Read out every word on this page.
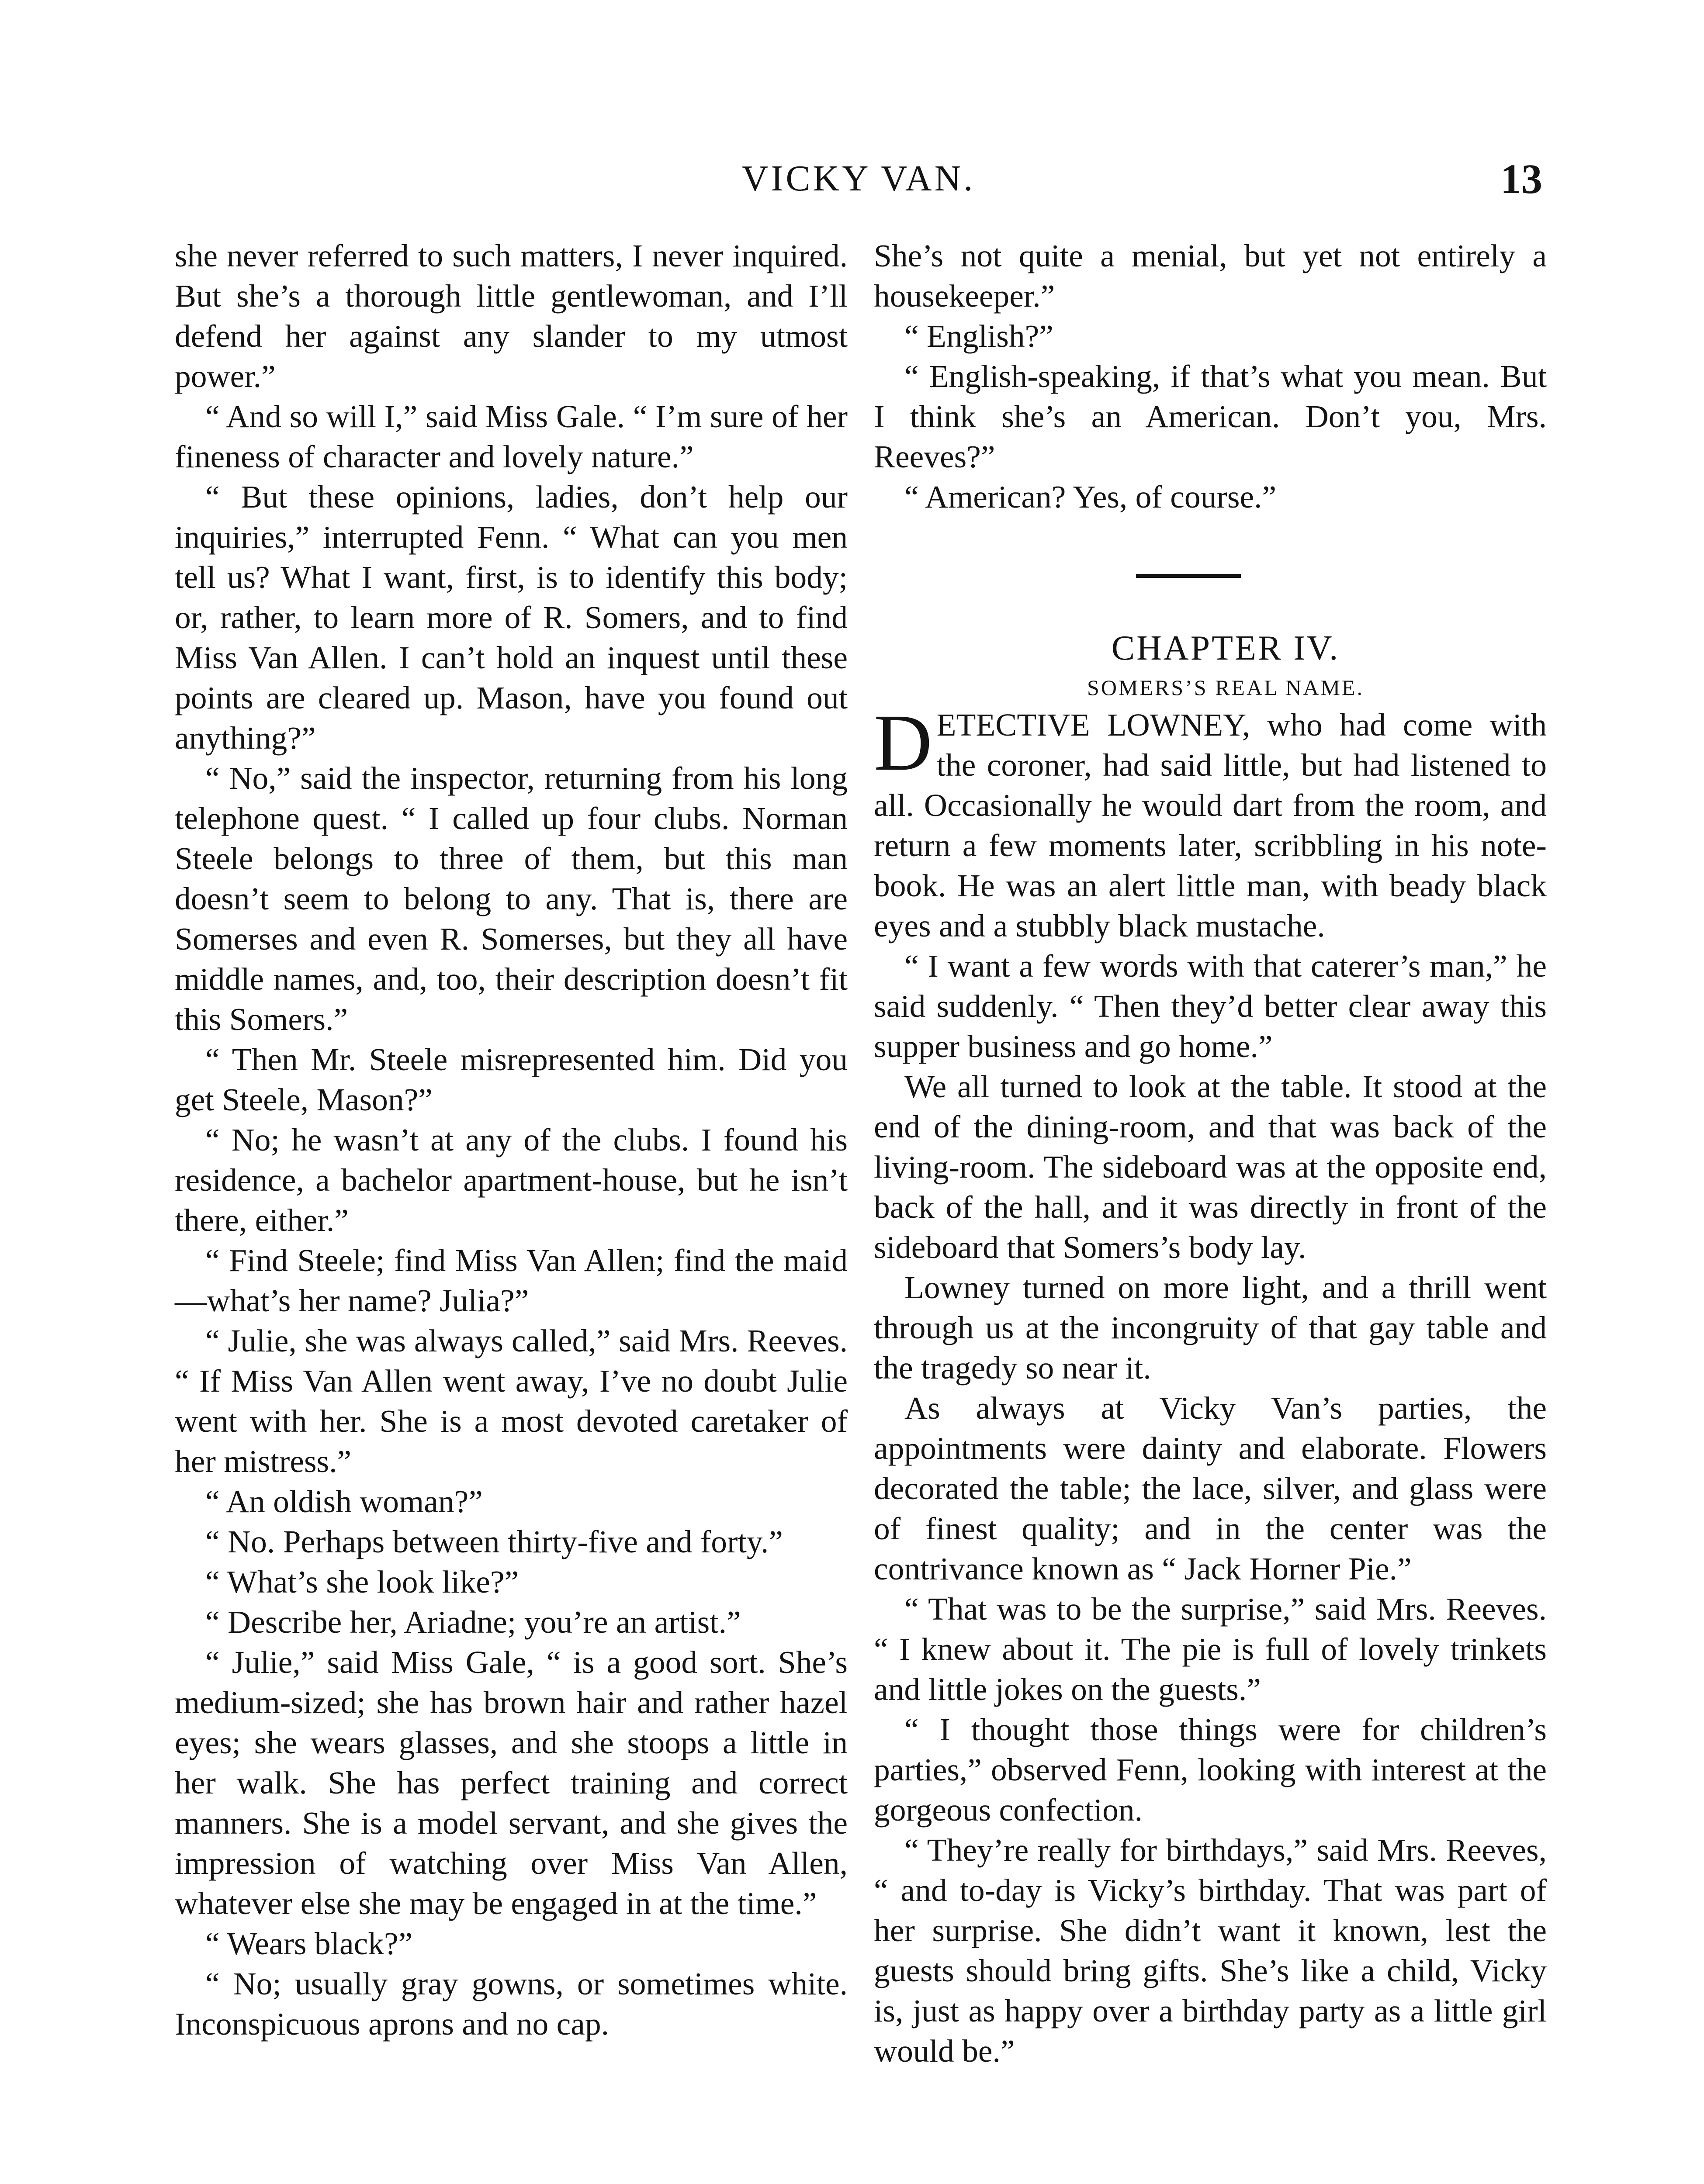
VICKY VAN.	13

she never referred to such matters, I never inquired. But she’s a thorough little gentlewoman, and I’ll defend her against any slander to my utmost power.”

“ And so will I,” said Miss Gale. “ I’m sure of her fineness of character and lovely nature.”

“ But these opinions, ladies, don’t help our inquiries,” interrupted Fenn. “ What can you men tell us? What I want, first, is to identify this body; or, rather, to learn more of R. Somers, and to find Miss Van Allen. I can’t hold an inquest until these points are cleared up. Mason, have you found out anything?”

“ No,” said the inspector, returning from his long telephone quest. “ I called up four clubs. Norman Steele belongs to three of them, but this man doesn’t seem to belong to any. That is, there are Somerses and even R. Somerses, but they all have middle names, and, too, their description doesn’t fit this Somers.”

“ Then Mr. Steele misrepresented him. Did you get Steele, Mason?”

“ No; he wasn’t at any of the clubs. I found his residence, a bachelor apartment-house, but he isn’t there, either.”

“ Find Steele; find Miss Van Allen; find the maid—what’s her name? Julia?”

“ Julie, she was always called,” said Mrs. Reeves. “ If Miss Van Allen went away, I’ve no doubt Julie went with her. She is a most devoted caretaker of her mistress.”

“ An oldish woman?”

“ No. Perhaps between thirty-five and forty.”

“ What’s she look like?”

“ Describe her, Ariadne; you’re an artist.”

“ Julie,” said Miss Gale, “ is a good sort. She’s medium-sized; she has brown hair and rather hazel eyes; she wears glasses, and she stoops a little in her walk. She has perfect training and correct manners. She is a model servant, and she gives the impression of watching over Miss Van Allen, whatever else she may be engaged in at the time.”

“ Wears black?”

“ No; usually gray gowns, or sometimes white. Inconspicuous aprons and no cap.

She’s not quite a menial, but yet not entirely a housekeeper.”

“ English?”

“ English-speaking, if that’s what you mean. But I think she’s an American. Don’t you, Mrs. Reeves?”

“ American? Yes, of course.”

CHAPTER IV.

SOMERS’S REAL NAME.

DETECTIVE LOWNEY, who had come with the coroner, had said little, but had listened to all. Occasionally he would dart from the room, and return a few moments later, scribbling in his note-book. He was an alert little man, with beady black eyes and a stubbly black mustache.

“ I want a few words with that caterer’s man,” he said suddenly. “ Then they’d better clear away this supper business and go home.”

We all turned to look at the table. It stood at the end of the dining-room, and that was back of the living-room. The sideboard was at the opposite end, back of the hall, and it was directly in front of the sideboard that Somers’s body lay.

Lowney turned on more light, and a thrill went through us at the incongruity of that gay table and the tragedy so near it.

As always at Vicky Van’s parties, the appointments were dainty and elaborate. Flowers decorated the table; the lace, silver, and glass were of finest quality; and in the center was the contrivance known as “ Jack Horner Pie.”

“ That was to be the surprise,” said Mrs. Reeves. “ I knew about it. The pie is full of lovely trinkets and little jokes on the guests.”

“ I thought those things were for children’s parties,” observed Fenn, looking with interest at the gorgeous confection.

“ They’re really for birthdays,” said Mrs. Reeves, “ and to-day is Vicky’s birthday. That was part of her surprise. She didn’t want it known, lest the guests should bring gifts. She’s like a child, Vicky is, just as happy over a birthday party as a little girl would be.”
